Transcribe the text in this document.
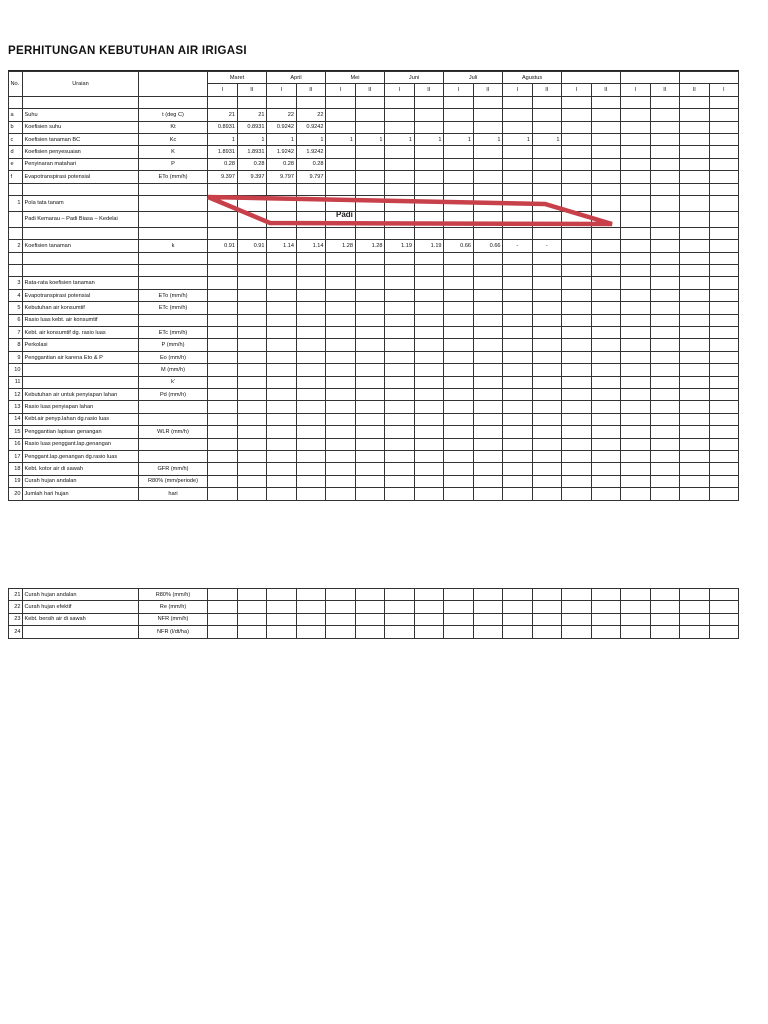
PERHITUNGAN KEBUTUHAN AIR IRIGASI
No.	Uraian		Maret		April		Mei		Juni		Juli		Agustus							
			I	II	I	II	I	II	I	II	I	II	I	II	I	II	I	II	II	I

a	Suhu	t (deg C)	21	21	22	22														
b	Koefisien suhu	Kt	0.8931	0.8931	0.9242	0.9242														
c	Koefisien tanaman BC	Kc	1	1	1	1	1	1	1	1	1	1	1	1						
d	Koefisien penyesuaian	K	1.8931	1.8931	1.9242	1.9242														
e	Penyinaran matahari	P	0.28	0.28	0.28	0.28														
f	Evapotranspirasi potensial	ETo (mm/h)	9.397	9.397	9.797	9.797														

1	Pola tata tanam																			
	Padi Kemarau – Padi Biasa – Kedelai																			

2	Koefisien tanaman	k	0.91	0.91	1.14	1.14	1.28	1.28	1.19	1.19	0.66	0.66	-	-						

3	Rata-rata koefisien tanaman																			
4	Evapotranspirasi potensial	ETo (mm/h)																		
5	Kebutuhan air konsumtif	ETc (mm/h)																		
6	Rasio luas kebt. air konsumtif																			
7	Kebt. air konsumtif dg. rasio luas	ETc (mm/h)																		
8	Perkolasi	P (mm/h)																		
9	Penggantian air karena Eto & P	Eo (mm/h)																		
10		M (mm/h)																		
11		k'																		
12	Kebutuhan air untuk penyiapan lahan	Pd (mm/h)																		
13	Rasio luas penyiapan lahan																			
14	Kebt.air penyp.lahan dg.rasio luas																			
15	Penggantian lapisan genangan	WLR (mm/h)																		
16	Rasio luas penggant.lap.genangan																			
17	Penggant.lap.genangan dg.rasio luas																			
18	Kebt. kotor air di sawah	GFR (mm/h)																		
19	Curah hujan andalan	R80% (mm/periode)																		
20	Jumlah hari hujan	hari																		
21	Curah hujan andalan	R80% (mm/h)																		
22	Curah hujan efektif	Re (mm/h)																		
23	Kebt. bersih air di sawah	NFR (mm/h)																		
24		NFR (l/dt/ha)																		
Padi
